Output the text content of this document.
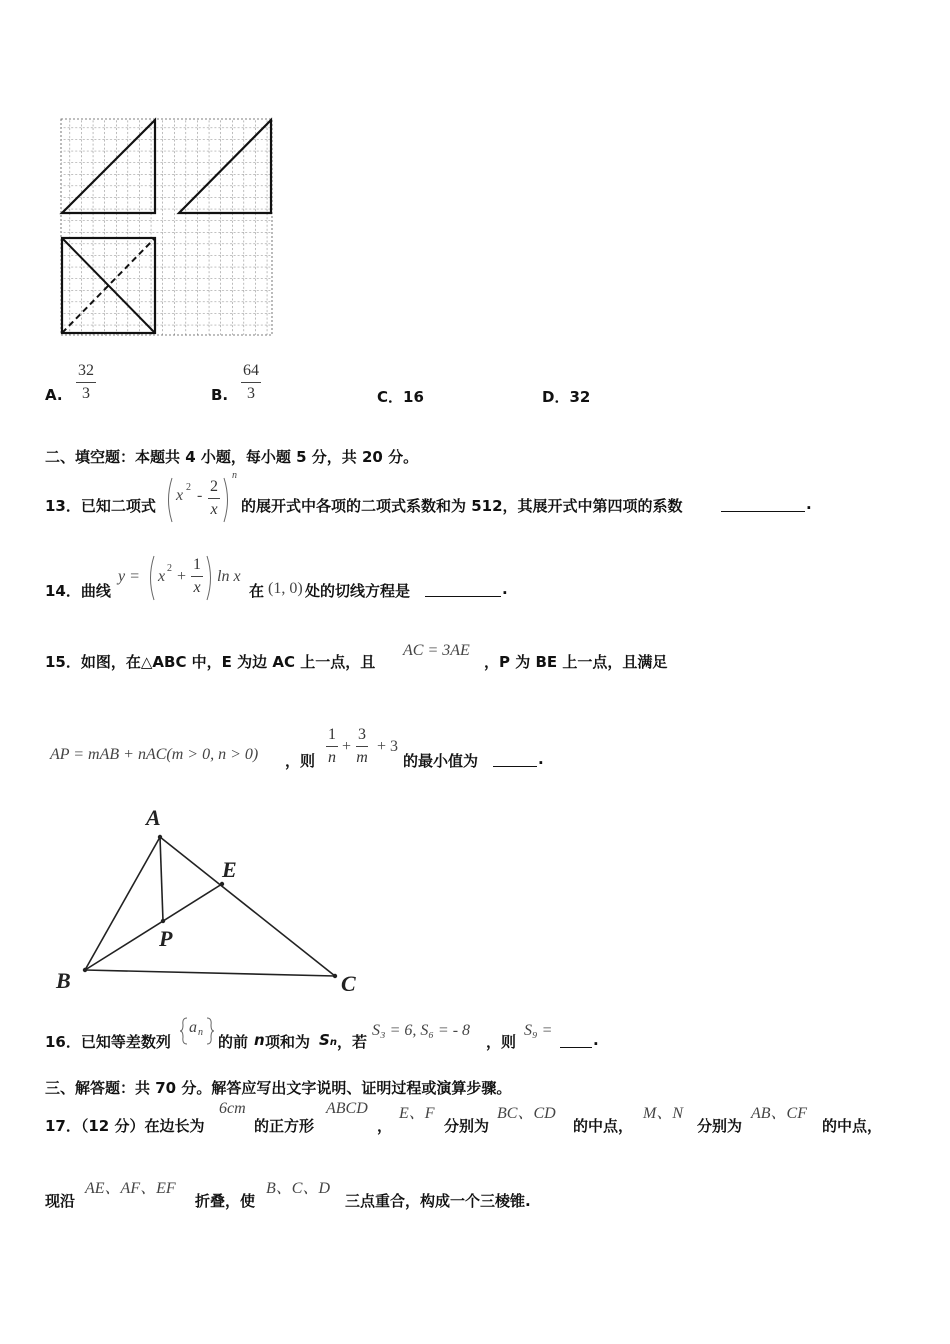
A.
32
3	B.
64
3	C．16	D．32
二、填空题：本题共 4 小题，每小题 5 分，共 20 分。
13．已知二项式
x 2 -
2
x
n
的展开式中各项的二项式系数和为 512，其展开式中第四项的系数	.
14．曲线
y = x 2 +
1
x
ln x
在 (1, 0) 处的切线方程是	.
15．如图，在△ABC 中，E 为边 AC 上一点，且
AC = 3AE
，P 为 BE 上一点，且满足
AP = mAB + nAC(m > 0, n > 0) ，则
1
n
+
3
m
+ 3
的最小值为	.
A
E
P
B	C
16．已知等差数列
a n
的前 n 项和为 Sn ，若
S₃ = 6, S₆ = - 8
，则
S₉ =
.
三、解答题：共 70 分。解答应写出文字说明、证明过程或演算步骤。
17．（12 分）在边长为
6cm
的正方形
ABCD
，
E、F
分别为
BC、CD
的中点，
M、N
分别为
AB、CF
的中点，
现沿
AE、AF、EF
折叠，使
B、C、D
三点重合，构成一个三棱锥.
